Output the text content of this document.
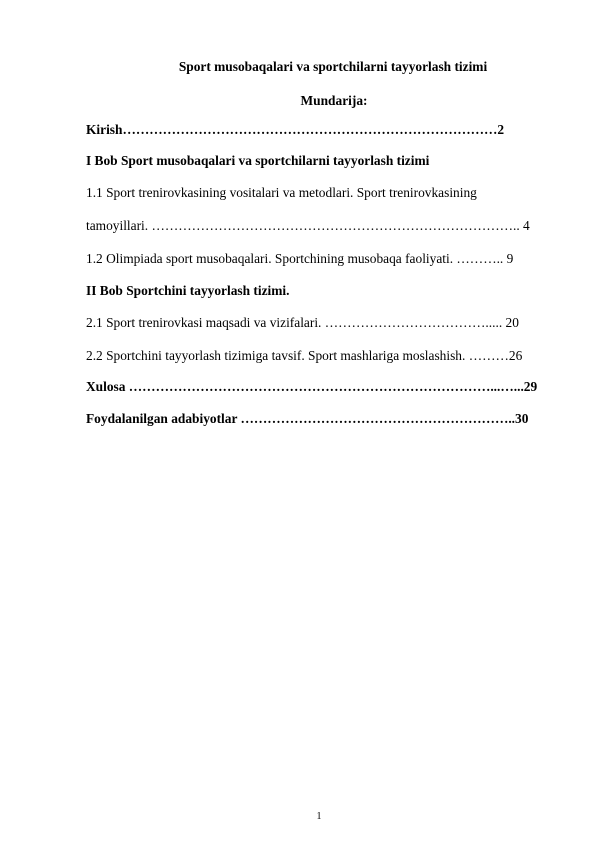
Sport musobaqalari va sportchilarni tayyorlash tizimi
Mundarija:
Kirish…………………………………………………………………………2
I Bob Sport musobaqalari va sportchilarni tayyorlash tizimi
1.1 Sport trenirovkasining vositalari va metodlari. Sport trenirovkasining
tamoyillari. ……………………………………………………………………….. 4
1.2 Olimpiada sport musobaqalari. Sportchining musobaqa faoliyati. ……….. 9
II Bob Sportchini tayyorlash tizimi.
2.1 Sport trenirovkasi maqsadi va vizifalari. ………………………………..... 20
2.2 Sportchini tayyorlash tizimiga tavsif. Sport mashlariga moslashish. ………26
Xulosa ………………………………………………………………………...…...29
Foydalanilgan adabiyotlar ……………………………………………………..30
1
